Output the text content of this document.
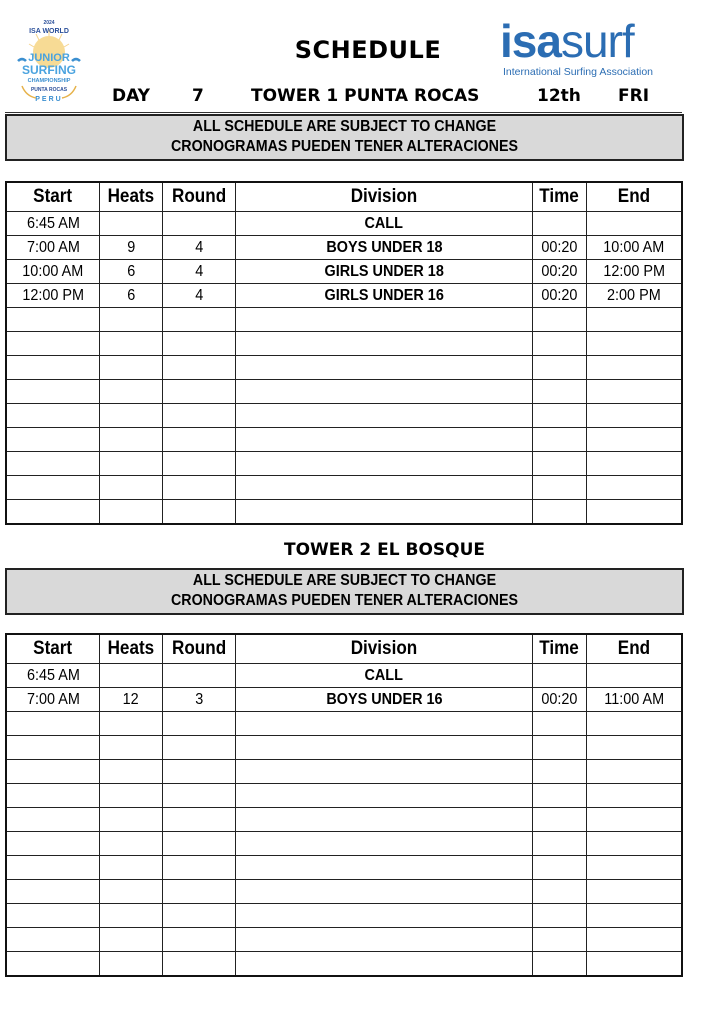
2024
ISA WORLD
JUNIOR
SURFING
CHAMPIONSHIP
PUNTA ROCAS
PERU
SCHEDULE	isasurf
International Surfing Association
DAY 7	TOWER 1 PUNTA ROCAS	12th FRI
ALL SCHEDULE ARE SUBJECT TO CHANGE
CRONOGRAMAS PUEDEN TENER ALTERACIONES
Start	Heats	Round	Division	Time	End
6:45 AM			CALL		
7:00 AM	9	4	BOYS UNDER 18	00:20	10:00 AM
10:00 AM	6	4	GIRLS UNDER 18	00:20	12:00 PM
12:00 PM	6	4	GIRLS UNDER 16	00:20	2:00 PM

TOWER 2 EL BOSQUE
ALL SCHEDULE ARE SUBJECT TO CHANGE
CRONOGRAMAS PUEDEN TENER ALTERACIONES
Start	Heats	Round	Division	Time	End
6:45 AM			CALL		
7:00 AM	12	3	BOYS UNDER 16	00:20	11:00 AM
